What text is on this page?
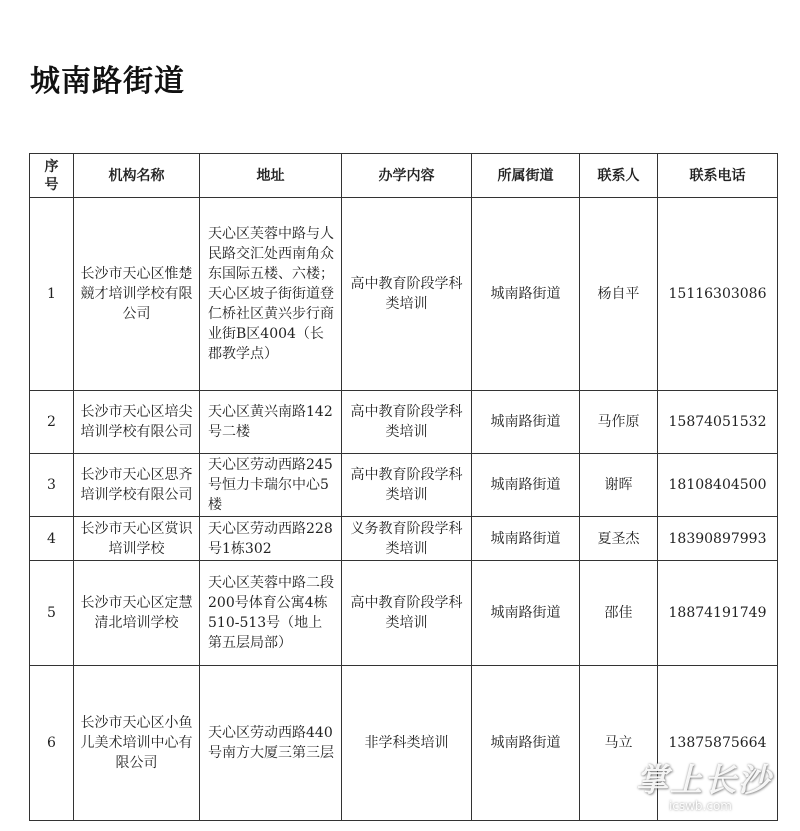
城南路街道
序号	机构名称	地址	办学内容	所属街道	联系人	联系电话
1	长沙市天心区惟楚競才培训学校有限公司	天心区芙蓉中路与人民路交汇处西南角众东国际五楼、六楼；天心区坡子街街道登仁桥社区黄兴步行商业街B区4004（长郡教学点）	高中教育阶段学科类培训	城南路街道	杨自平	15116303086
2	长沙市天心区培尖培训学校有限公司	天心区黄兴南路142号二楼	高中教育阶段学科类培训	城南路街道	马作原	15874051532
3	长沙市天心区思齐培训学校有限公司	天心区劳动西路245号恒力卡瑞尔中心5楼	高中教育阶段学科类培训	城南路街道	谢晖	18108404500
4	长沙市天心区赏识培训学校	天心区劳动西路228号1栋302	义务教育阶段学科类培训	城南路街道	夏圣杰	18390897993
5	长沙市天心区定慧清北培训学校	天心区芙蓉中路二段200号体育公寓4栋510-513号（地上第五层局部）	高中教育阶段学科类培训	城南路街道	邵佳	18874191749
6	长沙市天心区小鱼儿美术培训中心有限公司	天心区劳动西路440号南方大厦三第三层	非学科类培训	城南路街道	马立	13875875664
掌上长沙
icswb.com
